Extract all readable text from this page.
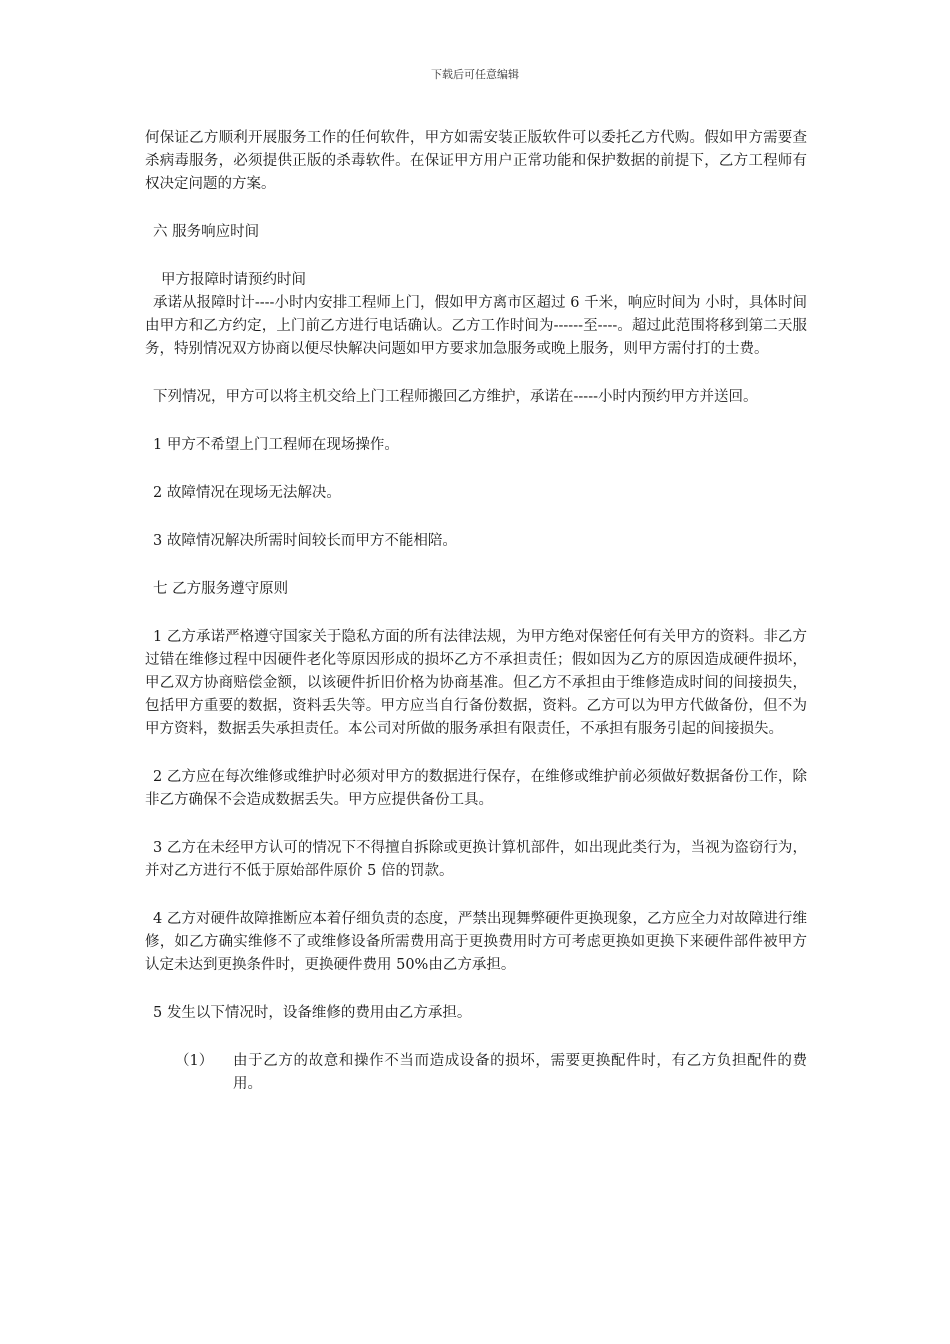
下载后可任意编辑

何保证乙方顺利开展服务工作的任何软件，甲方如需安装正版软件可以委托乙方代购。假如甲方需要查杀病毒服务，必须提供正版的杀毒软件。在保证甲方用户正常功能和保护数据的前提下，乙方工程师有权决定问题的方案。

六 服务响应时间

甲方报障时请预约时间

承诺从报障时计----小时内安排工程师上门，假如甲方离市区超过 6 千米，响应时间为 小时，具体时间由甲方和乙方约定，上门前乙方进行电话确认。乙方工作时间为------至----。超过此范围将移到第二天服务，特别情况双方协商以便尽快解决问题如甲方要求加急服务或晚上服务，则甲方需付打的士费。

下列情况，甲方可以将主机交给上门工程师搬回乙方维护，承诺在-----小时内预约甲方并送回。

1 甲方不希望上门工程师在现场操作。

2 故障情况在现场无法解决。

3 故障情况解决所需时间较长而甲方不能相陪。

七 乙方服务遵守原则

1 乙方承诺严格遵守国家关于隐私方面的所有法律法规，为甲方绝对保密任何有关甲方的资料。非乙方过错在维修过程中因硬件老化等原因形成的损坏乙方不承担责任；假如因为乙方的原因造成硬件损坏，甲乙双方协商赔偿金额，以该硬件折旧价格为协商基准。但乙方不承担由于维修造成时间的间接损失，包括甲方重要的数据，资料丢失等。甲方应当自行备份数据，资料。乙方可以为甲方代做备份，但不为甲方资料，数据丢失承担责任。本公司对所做的服务承担有限责任，不承担有服务引起的间接损失。

2 乙方应在每次维修或维护时必须对甲方的数据进行保存，在维修或维护前必须做好数据备份工作，除非乙方确保不会造成数据丢失。甲方应提供备份工具。

3 乙方在未经甲方认可的情况下不得擅自拆除或更换计算机部件，如出现此类行为，当视为盗窃行为，并对乙方进行不低于原始部件原价 5 倍的罚款。

4 乙方对硬件故障推断应本着仔细负责的态度，严禁出现舞弊硬件更换现象，乙方应全力对故障进行维修，如乙方确实维修不了或维修设备所需费用高于更换费用时方可考虑更换如更换下来硬件部件被甲方认定未达到更换条件时，更换硬件费用 50%由乙方承担。

5 发生以下情况时，设备维修的费用由乙方承担。

（1）	由于乙方的故意和操作不当而造成设备的损坏，需要更换配件时，有乙方负担配件的费用。
